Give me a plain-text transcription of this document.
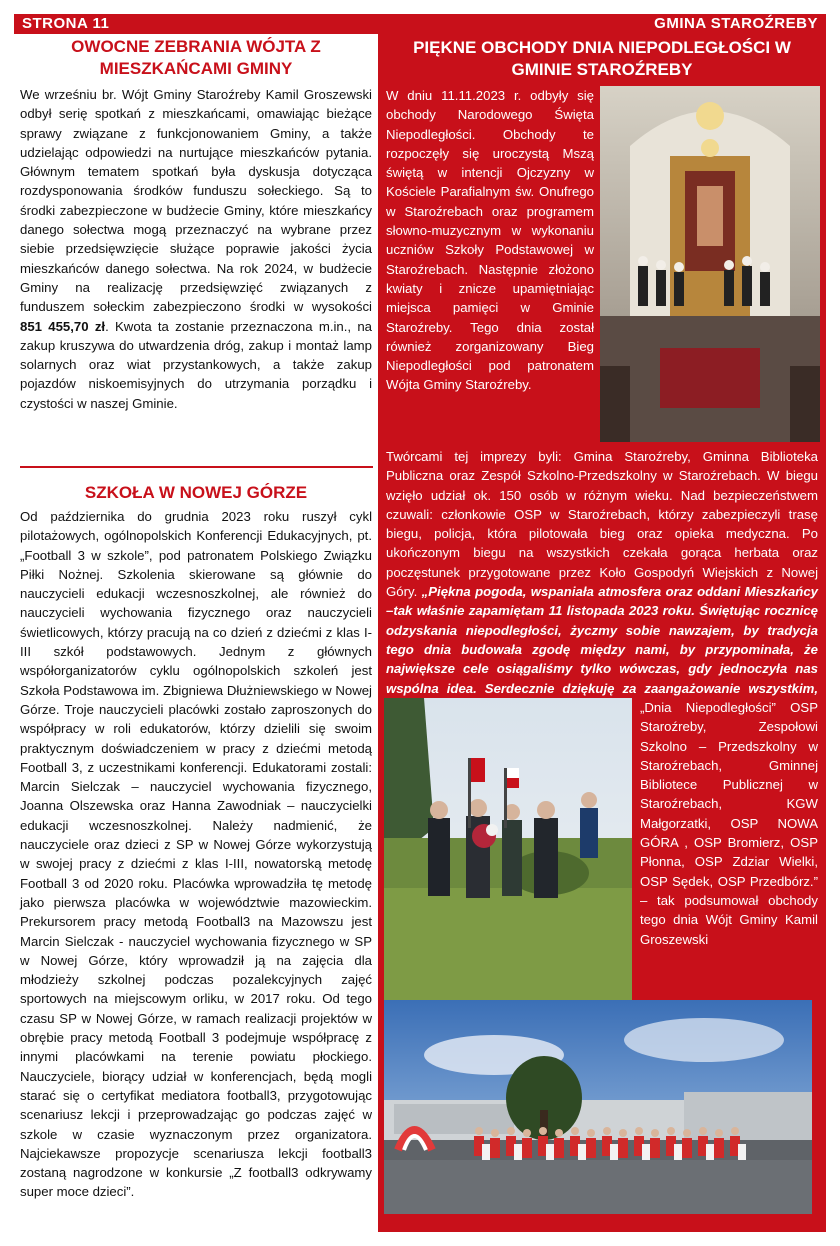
STRONA 11	GMINA STAROŹREBY
OWOCNE ZEBRANIA WÓJTA Z
MIESZKAŃCAMI GMINY

We wrześniu br. Wójt Gminy Staroźreby Kamil Groszewski odbył serię spotkań z mieszkańcami, omawiając bieżące sprawy związane z funkcjonowaniem Gminy, a także udzielając odpowiedzi na nurtujące mieszkańców pytania. Głównym tematem spotkań była dyskusja dotycząca rozdysponowania środków funduszu sołeckiego. Są to środki zabezpieczone w budżecie Gminy, które mieszkańcy danego sołectwa mogą przeznaczyć na wybrane przez siebie przedsięwzięcie służące poprawie jakości życia mieszkańców danego sołectwa. Na rok 2024, w budżecie Gminy na realizację przedsięwzięć związanych z funduszem sołeckim zabezpieczono środki w wysokości 851 455,70 zł. Kwota ta zostanie przeznaczona m.in., na zakup kruszywa do utwardzenia dróg, zakup i montaż lamp solarnych oraz wiat przystankowych, a także zakup pojazdów niskoemisyjnych do utrzymania porządku i czystości w naszej Gminie.

SZKOŁA W NOWEJ GÓRZE

Od października do grudnia 2023 roku ruszył cykl pilotażowych, ogólnopolskich Konferencji Edukacyjnych, pt. „Football 3 w szkole”, pod patronatem Polskiego Związku Piłki Nożnej. Szkolenia skierowane są głównie do nauczycieli edukacji wczesnoszkolnej, ale również do nauczycieli wychowania fizycznego oraz nauczycieli świetlicowych, którzy pracują na co dzień z dziećmi z klas I-III szkół podstawowych. Jednym z głównych współorganizatorów cyklu ogólnopolskich szkoleń jest Szkoła Podstawowa im. Zbigniewa Dłużniewskiego w Nowej Górze. Troje nauczycieli placówki zostało zaproszonych do współpracy w roli edukatorów, którzy dzielili się swoim praktycznym doświadczeniem w pracy z dziećmi metodą Football 3, z uczestnikami konferencji. Edukatorami zostali: Marcin Sielczak – nauczyciel wychowania fizycznego, Joanna Olszewska oraz Hanna Zawodniak – nauczycielki edukacji wczesnoszkolnej. Należy nadmienić, że nauczyciele oraz dzieci z SP w Nowej Górze wykorzystują w swojej pracy z dziećmi z klas I-III, nowatorską metodę Football 3 od 2020 roku. Placówka wprowadziła tę metodę jako pierwsza placówka w województwie mazowieckim. Prekursorem pracy metodą Football3 na Mazowszu jest Marcin Sielczak - nauczyciel wychowania fizycznego w SP w Nowej Górze, który wprowadził ją na zajęcia dla młodzieży szkolnej podczas pozalekcyjnych zajęć sportowych na miejscowym orliku, w 2017 roku. Od tego czasu SP w Nowej Górze, w ramach realizacji projektów w obrębie pracy metodą Football 3 podejmuje współpracę z innymi placówkami na terenie powiatu płockiego. Nauczyciele, biorący udział w konferencjach, będą mogli starać się o certyfikat mediatora football3, przygotowując scenariusz lekcji i przeprowadzając go podczas zajęć w szkole w czasie wyznaczonym przez organizatora. Najciekawsze propozycje scenariusza lekcji football3 zostaną nagrodzone w konkursie „Z football3 odkrywamy super moce dzieci”.

PIĘKNE OBCHODY DNIA NIEPODLEGŁOŚCI W
GMINIE STAROŹREBY

W dniu 11.11.2023 r. odbyły się obchody Narodowego Święta Niepodległości. Obchody te rozpoczęły się uroczystą Mszą świętą w intencji Ojczyzny w Kościele Parafialnym św. Onufrego w Staroźrebach oraz programem słowno-muzycznym w wykonaniu uczniów Szkoły Podstawowej w Staroźrebach. Następnie złożono kwiaty i znicze upamiętniając miejsca pamięci w Gminie Staroźreby. Tego dnia został również zorganizowany Bieg Niepodległości pod patronatem Wójta Gminy Staroźreby.

Twórcami tej imprezy byli: Gmina Staroźreby, Gminna Biblioteka Publiczna oraz Zespół Szkolno-Przedszkolny w Staroźrebach. W biegu wzięło udział ok. 150 osób w różnym wieku. Nad bezpieczeństwem czuwali: członkowie OSP w Staroźrebach, którzy zabezpieczyli trasę biegu, policja, która pilotowała bieg oraz opieka medyczna. Po ukończonym biegu na wszystkich czekała gorąca herbata oraz poczęstunek przygotowane przez Koło Gospodyń Wiejskich z Nowej Góry. „Piękna pogoda, wspaniała atmosfera oraz oddani Mieszkańcy –tak właśnie zapamiętam 11 listopada 2023 roku. Świętując rocznicę odzyskania niepodległości, życzmy sobie nawzajem, by tradycja tego dnia budowała zgodę między nami, by przypominała, że największe cele osiągaliśmy tylko wówczas, gdy jednoczyła nas wspólna idea. Serdecznie dziękuję za zaangażowanie wszystkim,

„Dnia Niepodległości” OSP Staroźreby, Zespołowi Szkolno – Przedszkolny w Staroźrebach, Gminnej Bibliotece Publicznej w Staroźrebach, KGW Małgorzatki, OSP NOWA GÓRA , OSP Bromierz, OSP Płonna, OSP Zdziar Wielki, OSP Sędek, OSP Przedbórz.” – tak podsumował obchody tego dnia Wójt Gminy Kamil Groszewski
